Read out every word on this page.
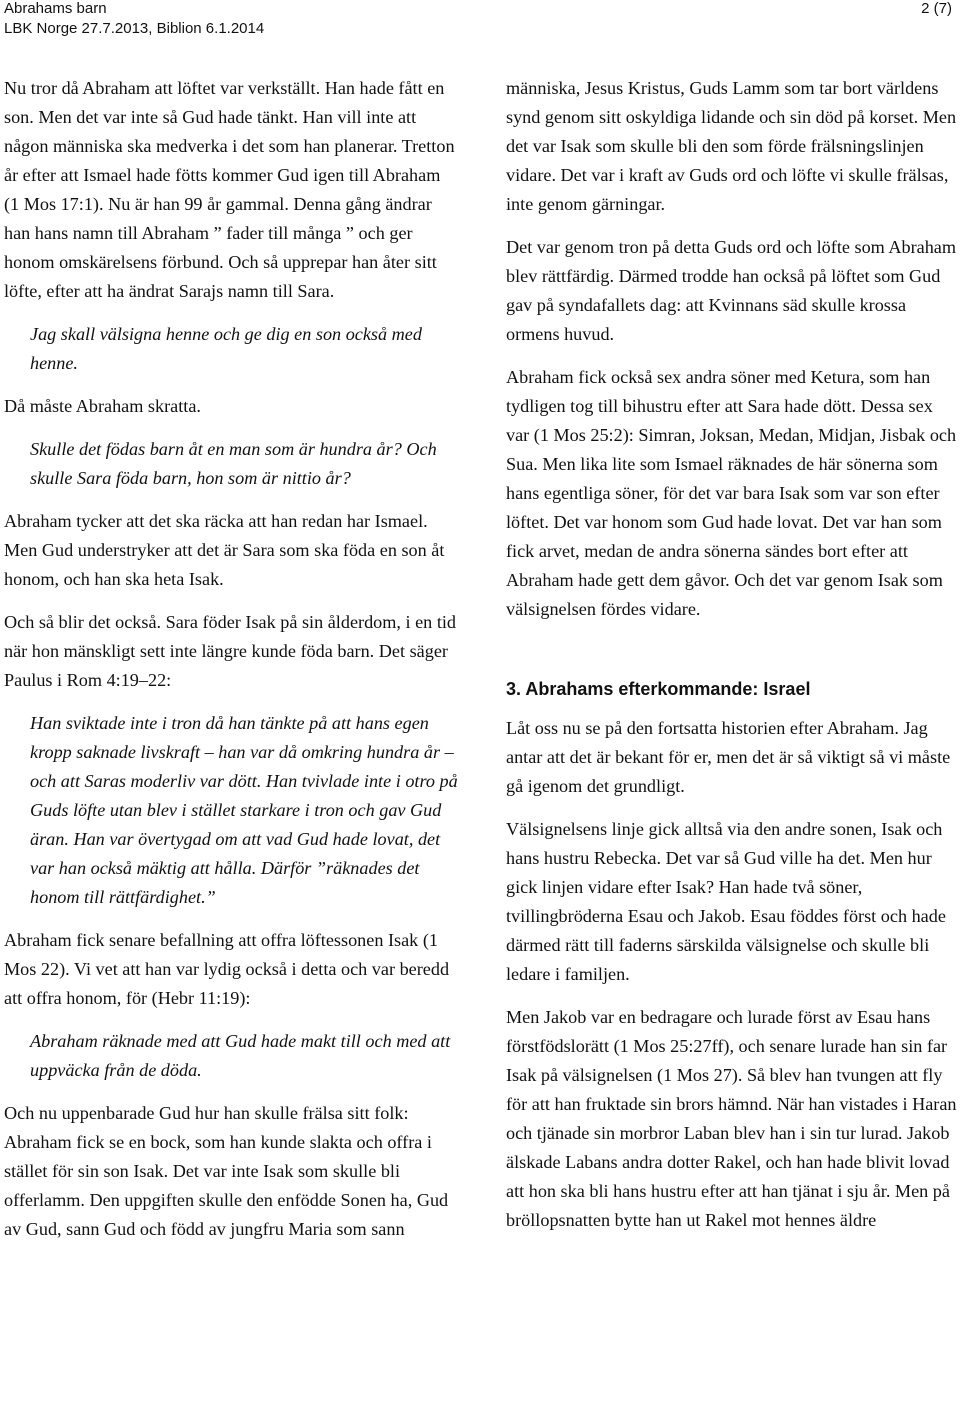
Abrahams barn
LBK Norge 27.7.2013, Biblion 6.1.2014
2 (7)

Nu tror då Abraham att löftet var verkställt. Han hade fått en son. Men det var inte så Gud hade tänkt. Han vill inte att någon människa ska medverka i det som han planerar. Tretton år efter att Ismael hade fötts kommer Gud igen till Abraham (1 Mos 17:1). Nu är han 99 år gammal. Denna gång ändrar han hans namn till Abraham ” fader till många ” och ger honom omskärelsens förbund. Och så upprepar han åter sitt löfte, efter att ha ändrat Sarajs namn till Sara.

Jag skall välsigna henne och ge dig en son också med henne.

Då måste Abraham skratta.

Skulle det födas barn åt en man som är hundra år? Och skulle Sara föda barn, hon som är nittio år?

Abraham tycker att det ska räcka att han redan har Ismael. Men Gud understryker att det är Sara som ska föda en son åt honom, och han ska heta Isak.

Och så blir det också. Sara föder Isak på sin ålderdom, i en tid när hon mänskligt sett inte längre kunde föda barn. Det säger Paulus i Rom 4:19–22:

Han sviktade inte i tron då han tänkte på att hans egen kropp saknade livskraft – han var då omkring hundra år – och att Saras moderliv var dött. Han tvivlade inte i otro på Guds löfte utan blev i stället starkare i tron och gav Gud äran. Han var övertygad om att vad Gud hade lovat, det var han också mäktig att hålla. Därför ”räknades det honom till rättfärdighet.”

Abraham fick senare befallning att offra löftessonen Isak (1 Mos 22). Vi vet att han var lydig också i detta och var beredd att offra honom, för (Hebr 11:19):

Abraham räknade med att Gud hade makt till och med att uppväcka från de döda.

Och nu uppenbarade Gud hur han skulle frälsa sitt folk: Abraham fick se en bock, som han kunde slakta och offra i stället för sin son Isak. Det var inte Isak som skulle bli offerlamm. Den uppgiften skulle den enfödde Sonen ha, Gud av Gud, sann Gud och född av jungfru Maria som sann

människa, Jesus Kristus, Guds Lamm som tar bort världens synd genom sitt oskyldiga lidande och sin död på korset. Men det var Isak som skulle bli den som förde frälsningslinjen vidare. Det var i kraft av Guds ord och löfte vi skulle frälsas, inte genom gärningar.

Det var genom tron på detta Guds ord och löfte som Abraham blev rättfärdig. Därmed trodde han också på löftet som Gud gav på syndafallets dag: att Kvinnans säd skulle krossa ormens huvud.

Abraham fick också sex andra söner med Ketura, som han tydligen tog till bihustru efter att Sara hade dött. Dessa sex var (1 Mos 25:2): Simran, Joksan, Medan, Midjan, Jisbak och Sua. Men lika lite som Ismael räknades de här sönerna som hans egentliga söner, för det var bara Isak som var son efter löftet. Det var honom som Gud hade lovat. Det var han som fick arvet, medan de andra sönerna sändes bort efter att Abraham hade gett dem gåvor. Och det var genom Isak som välsignelsen fördes vidare.

3. Abrahams efterkommande: Israel

Låt oss nu se på den fortsatta historien efter Abraham. Jag antar att det är bekant för er, men det är så viktigt så vi måste gå igenom det grundligt.

Välsignelsens linje gick alltså via den andre sonen, Isak och hans hustru Rebecka. Det var så Gud ville ha det. Men hur gick linjen vidare efter Isak? Han hade två söner, tvillingbröderna Esau och Jakob. Esau föddes först och hade därmed rätt till faderns särskilda välsignelse och skulle bli ledare i familjen.

Men Jakob var en bedragare och lurade först av Esau hans förstfödslorätt (1 Mos 25:27ff), och senare lurade han sin far Isak på välsignelsen (1 Mos 27). Så blev han tvungen att fly för att han fruktade sin brors hämnd. När han vistades i Haran och tjänade sin morbror Laban blev han i sin tur lurad. Jakob älskade Labans andra dotter Rakel, och han hade blivit lovad att hon ska bli hans hustru efter att han tjänat i sju år. Men på bröllopsnatten bytte han ut Rakel mot hennes äldre
